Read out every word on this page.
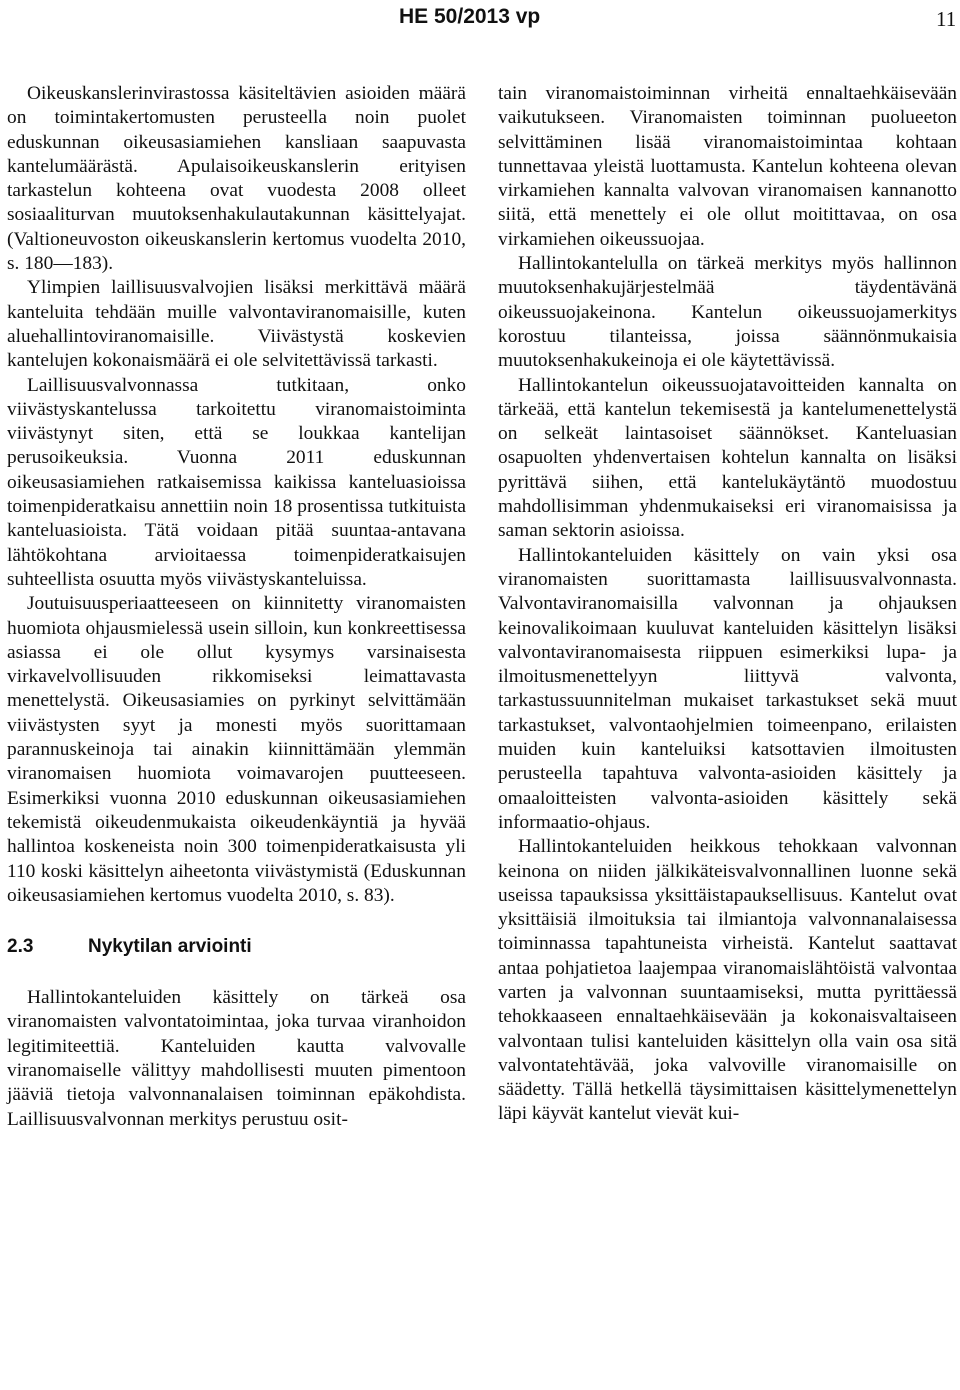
HE 50/2013 vp	11

Oikeuskanslerinvirastossa käsiteltävien asioiden määrä on toimintakertomusten perusteella noin puolet eduskunnan oikeusasiamiehen kansliaan saapuvasta kantelumäärästä. Apulaisoikeuskanslerin erityisen tarkastelun kohteena ovat vuodesta 2008 olleet sosiaaliturvan muutoksenhakulautakunnan käsittelyajat. (Valtioneuvoston oikeuskanslerin kertomus vuodelta 2010, s. 180—183).

Ylimpien laillisuusvalvojien lisäksi merkittävä määrä kanteluita tehdään muille valvontaviranomaisille, kuten aluehallintoviranomaisille. Viivästystä koskevien kantelujen kokonaismäärä ei ole selvitettävissä tarkasti.

Laillisuusvalvonnassa tutkitaan, onko viivästyskantelussa tarkoitettu viranomaistoiminta viivästynyt siten, että se loukkaa kantelijan perusoikeuksia. Vuonna 2011 eduskunnan oikeusasiamiehen ratkaisemissa kaikissa kanteluasioissa toimenpideratkaisu annettiin noin 18 prosentissa tutkituista kanteluasioista. Tätä voidaan pitää suuntaa-antavana lähtökohtana arvioitaessa toimenpideratkaisujen suhteellista osuutta myös viivästyskanteluissa.

Joutuisuusperiaatteeseen on kiinnitetty viranomaisten huomiota ohjausmielessä usein silloin, kun konkreettisessa asiassa ei ole ollut kysymys varsinaisesta virkavelvollisuuden rikkomiseksi leimattavasta menettelystä. Oikeusasiamies on pyrkinyt selvittämään viivästysten syyt ja monesti myös suorittamaan parannuskeinoja tai ainakin kiinnittämään ylemmän viranomaisen huomiota voimavarojen puutteeseen. Esimerkiksi vuonna 2010 eduskunnan oikeusasiamiehen tekemistä oikeudenmukaista oikeudenkäyntiä ja hyvää hallintoa koskeneista noin 300 toimenpideratkaisusta yli 110 koski käsittelyn aiheetonta viivästymistä (Eduskunnan oikeusasiamiehen kertomus vuodelta 2010, s. 83).

2.3	Nykytilan arviointi

Hallintokanteluiden käsittely on tärkeä osa viranomaisten valvontatoimintaa, joka turvaa viranhoidon legitimiteettiä. Kanteluiden kautta valvovalle viranomaiselle välittyy mahdollisesti muuten pimentoon jääviä tietoja valvonnanalaisen toiminnan epäkohdista. Laillisuusvalvonnan merkitys perustuu osit-

tain viranomaistoiminnan virheitä ennaltaehkäisevään vaikutukseen. Viranomaisten toiminnan puolueeton selvittäminen lisää viranomaistoimintaa kohtaan tunnettavaa yleistä luottamusta. Kantelun kohteena olevan virkamiehen kannalta valvovan viranomaisen kannanotto siitä, että menettely ei ole ollut moitittavaa, on osa virkamiehen oikeussuojaa.

Hallintokantelulla on tärkeä merkitys myös hallinnon muutoksenhakujärjestelmää täydentävänä oikeussuojakeinona. Kantelun oikeussuojamerkitys korostuu tilanteissa, joissa säännönmukaisia muutoksenhakukeinoja ei ole käytettävissä.

Hallintokantelun oikeussuojatavoitteiden kannalta on tärkeää, että kantelun tekemisestä ja kantelumenettelystä on selkeät laintasoiset säännökset. Kanteluasian osapuolten yhdenvertaisen kohtelun kannalta on lisäksi pyrittävä siihen, että kantelukäytäntö muodostuu mahdollisimman yhdenmukaiseksi eri viranomaisissa ja saman sektorin asioissa.

Hallintokanteluiden käsittely on vain yksi osa viranomaisten suorittamasta laillisuusvalvonnasta. Valvontaviranomaisilla valvonnan ja ohjauksen keinovalikoimaan kuuluvat kanteluiden käsittelyn lisäksi valvontaviranomaisesta riippuen esimerkiksi lupa- ja ilmoitusmenettelyyn liittyvä valvonta, tarkastussuunnitelman mukaiset tarkastukset sekä muut tarkastukset, valvontaohjelmien toimeenpano, erilaisten muiden kuin kanteluiksi katsottavien ilmoitusten perusteella tapahtuva valvonta-asioiden käsittely ja omaaloitteisten valvonta-asioiden käsittely sekä informaatio-ohjaus.

Hallintokanteluiden heikkous tehokkaan valvonnan keinona on niiden jälkikäteisvalvonnallinen luonne sekä useissa tapauksissa yksittäistapauksellisuus. Kantelut ovat yksittäisiä ilmoituksia tai ilmiantoja valvonnanalaisessa toiminnassa tapahtuneista virheistä. Kantelut saattavat antaa pohjatietoa laajempaa viranomaislähtöistä valvontaa varten ja valvonnan suuntaamiseksi, mutta pyrittäessä tehokkaaseen ennaltaehkäisevään ja kokonaisvaltaiseen valvontaan tulisi kanteluiden käsittelyn olla vain osa sitä valvontatehtävää, joka valvoville viranomaisille on säädetty. Tällä hetkellä täysimittaisen käsittelymenettelyn läpi käyvät kantelut vievät kui-
